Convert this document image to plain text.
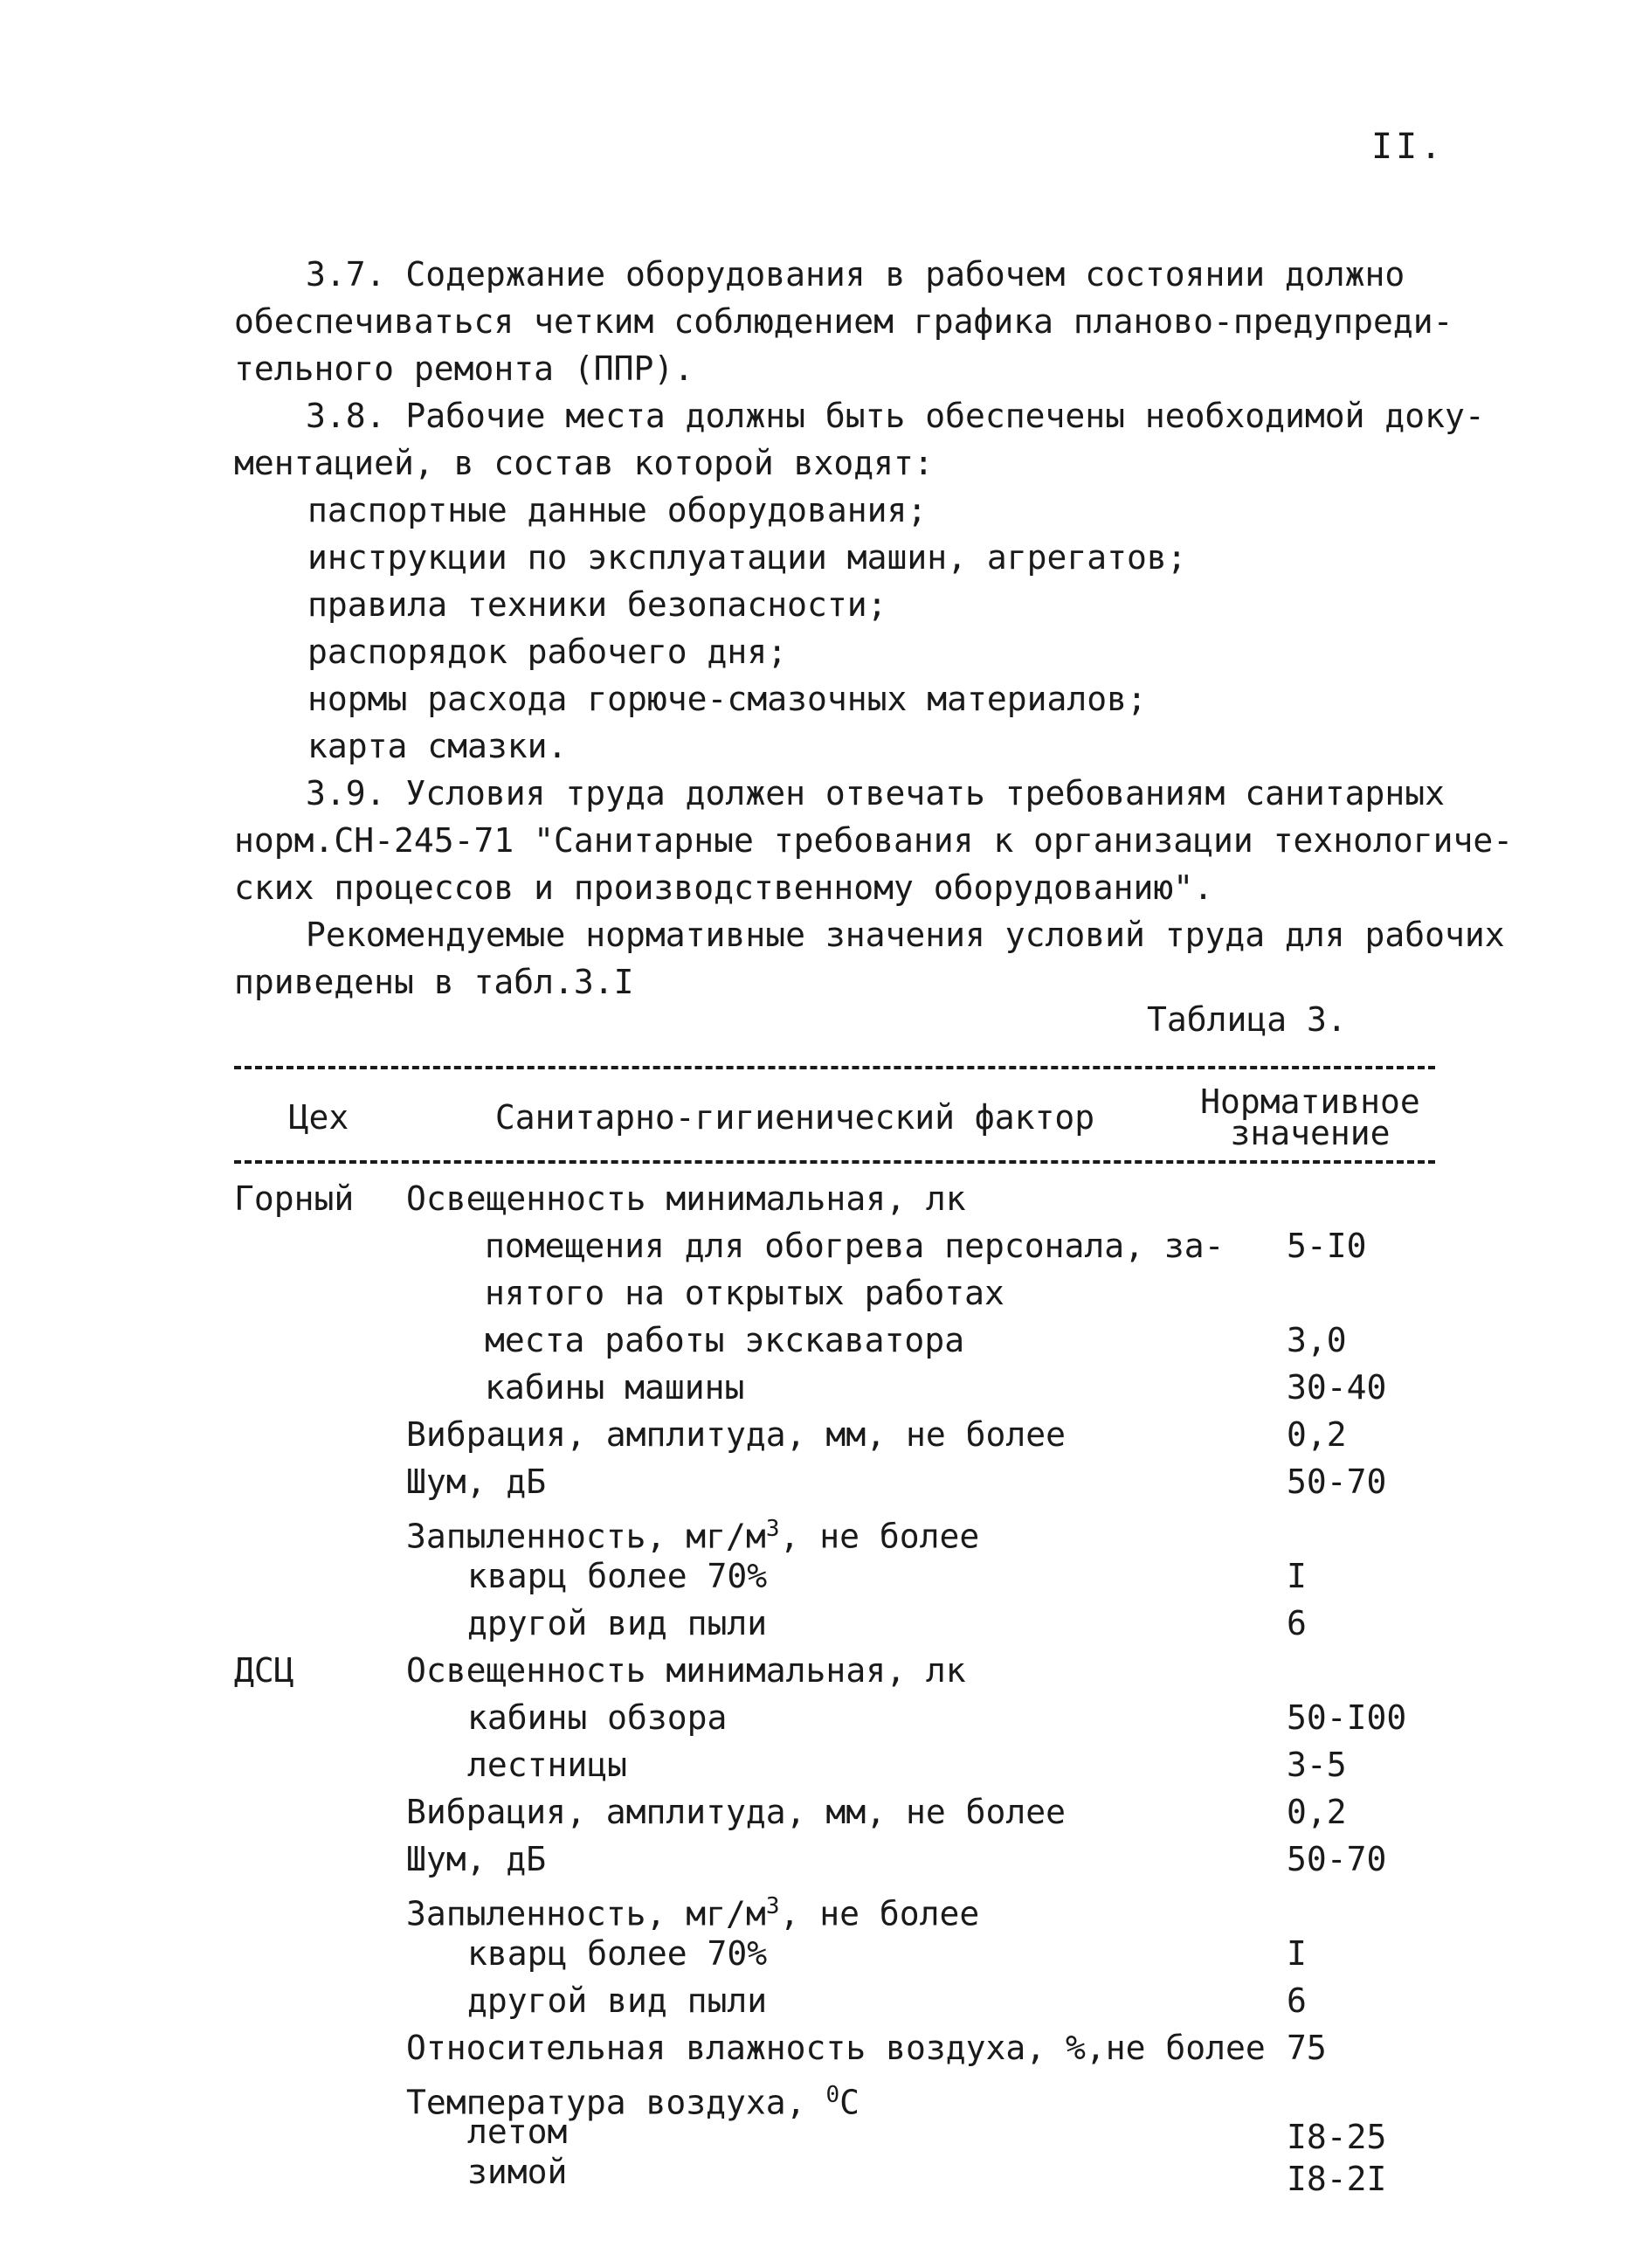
II.
3.7. Содержание оборудования в рабочем состоянии должно
обеспечиваться четким соблюдением графика планово-предупреди-
тельного ремонта (ППР).
3.8. Рабочие места должны быть обеспечены необходимой доку-
ментацией, в состав которой входят:
паспортные данные оборудования;
инструкции по эксплуатации машин, агрегатов;
правила техники безопасности;
распорядок рабочего дня;
нормы расхода горюче-смазочных материалов;
карта смазки.
3.9. Условия труда должен отвечать требованиям санитарных
норм.СН-245-71 "Санитарные требования к организации технологиче-
ских процессов и производственному оборудованию".
Рекомендуемые нормативные значения условий труда для рабочих
приведены в табл.3.I
Таблица 3.
Цех	Санитарно-гигиенический фактор	Нормативное
значение
Горный Освещенность минимальная, лк
помещения для обогрева персонала, за- 5-I0
нятого на открытых работах
места работы экскаватора	3,0
кабины машины	30-40
Вибрация, амплитуда, мм, не более	0,2
Шум, дБ	50-70
Запыленность, $мг/м^3$, не более
кварц более 70%	I
другой вид пыли	6
ДСЦ	Освещенность минимальная, лк
кабины обзора	50-I00
лестницы	3-5
Вибрация, амплитуда, мм, не более	0,2
Шум, дБ	50-70
Запыленность, $мг/м^3$, не более
кварц более 70%	I
другой вид пыли	6
Относительная влажность воздуха, %,не более 75
Температура воздуха, $^0$С
летом	I8-25
зимой	I8-2I
